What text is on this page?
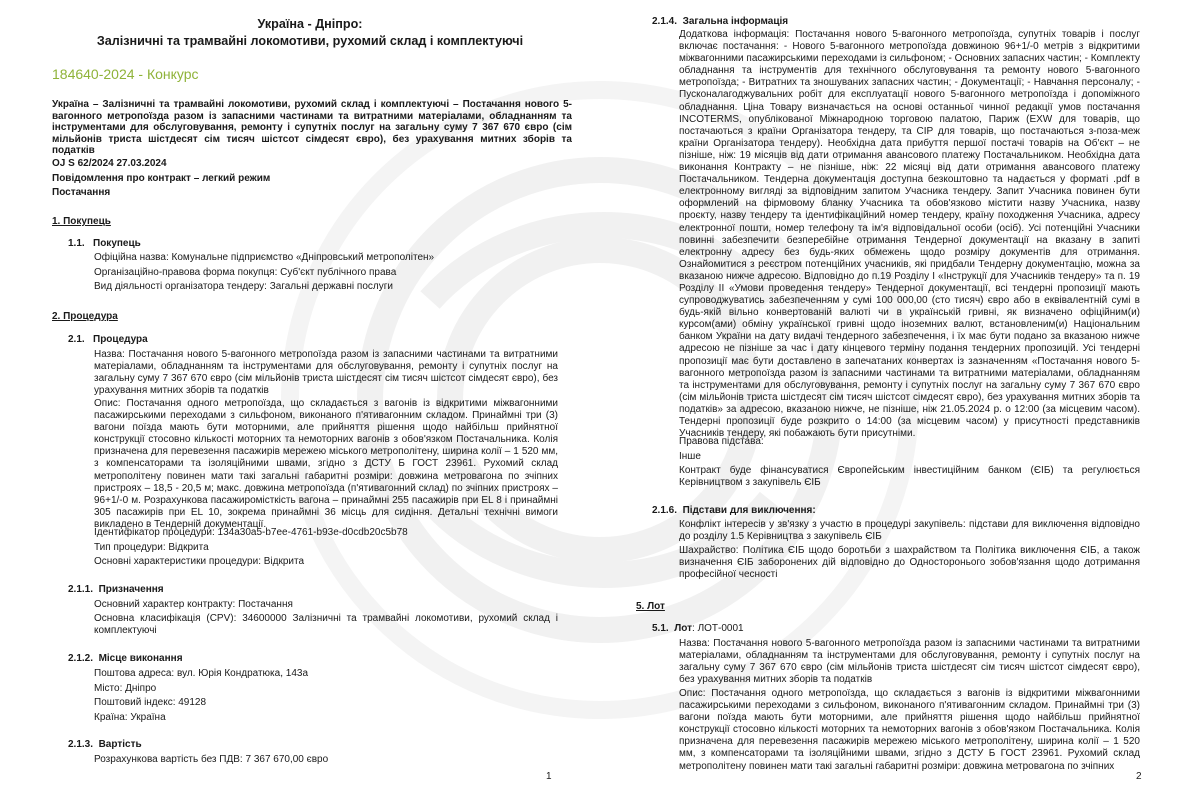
Україна - Дніпро:
Залізничні та трамвайні локомотиви, рухомий склад і комплектуючі
184640-2024 - Конкурс
Україна – Залізничні та трамвайні локомотиви, рухомий склад і комплектуючі – Постачання нового 5-вагонного метропоїзда разом із запасними частинами та витратними матеріалами, обладнанням та інструментами для обслуговування, ремонту і супутніх послуг на загальну суму 7 367 670 євро (сім мільйонів триста шістдесят сім тисяч шістсот сімдесят євро), без урахування митних зборів та податків
OJ S 62/2024 27.03.2024
Повідомлення про контракт – легкий режим
Постачання
1. Покупець
1.1.   Покупець
Офіційна назва: Комунальне підприємство «Дніпровський метрополітен»
Організаційно-правова форма покупця: Суб'єкт публічного права
Вид діяльності організатора тендеру: Загальні державні послуги
2. Процедура
2.1.   Процедура
Назва: Постачання нового 5-вагонного метропоїзда разом із запасними частинами та витратними матеріалами, обладнанням та інструментами для обслуговування, ремонту і супутніх послуг на загальну суму 7 367 670 євро (сім мільйонів триста шістдесят сім тисяч шістсот сімдесят євро), без урахування митних зборів та податків
Опис: Постачання одного метропоїзда, що складається з вагонів із відкритими міжвагонними пасажирськими переходами з сильфоном, виконаного п'ятивагонним складом. Принаймні три (3) вагони поїзда мають бути моторними, але прийняття рішення щодо найбільш прийнятної конструкції стосовно кількості моторних та немоторних вагонів з обов'язком Постачальника. Колія призначена для перевезення пасажирів мережею міського метрополітену, ширина колії – 1 520 мм, з компенсаторами та ізоляційними швами, згідно з ДСТУ Б ГОСТ 23961. Рухомий склад метрополітену повинен мати такі загальні габаритні розміри: довжина метровагона по зчіпних пристроях – 18,5 - 20,5 м; макс. довжина метропоїзда (п'ятивагонний склад) по зчіпних пристроях – 96+1/-0 м. Розрахункова пасажиромісткість вагона – принаймні 255 пасажирів при EL 8 і принаймні 305 пасажирів при EL 10, зокрема принаймні 36 місць для сидіння. Детальні технічні вимоги викладено в Тендерній документації.
Ідентифікатор процедури: 134a30a5-b7ee-4761-b93e-d0cdb20c5b78
Тип процедури: Відкрита
Основні характеристики процедури: Відкрита
2.1.1.  Призначення
Основний характер контракту: Постачання
Основна класифікація (CPV): 34600000 Залізничні та трамвайні локомотиви, рухомий склад і комплектуючі
2.1.2.  Місце виконання
Поштова адреса: вул. Юрія Кондратюка, 143а
Місто: Дніпро
Поштовий індекс: 49128
Країна: Україна
2.1.3.  Вартість
Розрахункова вартість без ПДВ: 7 367 670,00 євро
1
2.1.4.  Загальна інформація
Додаткова інформація: Постачання нового 5-вагонного метропоїзда, супутніх товарів і послуг включає постачання: - Нового 5-вагонного метропоїзда довжиною 96+1/-0 метрів з відкритими міжвагонними пасажирськими переходами із сильфоном; - Основних запасних частин; - Комплекту обладнання та інструментів для технічного обслуговування та ремонту нового 5-вагонного метропоїзда; - Витратних та зношуваних запасних частин; - Документації; - Навчання персоналу; - Пусконалагоджувальних робіт для експлуатації нового 5-вагонного метропоїзда і допоміжного обладнання. Ціна Товару визначається на основі останньої чинної редакції умов постачання INCOTERMS, опублікованої Міжнародною торговою палатою, Париж (EXW для товарів, що постачаються з країни Організатора тендеру, та CIP для товарів, що постачаються з-поза-меж країни Організатора тендеру). Необхідна дата прибуття першої постачі товарів на Об'єкт – не пізніше, ніж: 19 місяців від дати отримання авансового платежу Постачальником. Необхідна дата виконання Контракту – не пізніше, ніж: 22 місяці від дати отримання авансового платежу Постачальником. Тендерна документація доступна безкоштовно та надається у форматі .pdf в електронному вигляді за відповідним запитом Учасника тендеру. Запит Учасника повинен бути оформлений на фірмовому бланку Учасника та обов'язково містити назву Учасника, назву проєкту, назву тендеру та ідентифікаційний номер тендеру, країну походження Учасника, адресу електронної пошти, номер телефону та ім'я відповідальної особи (осіб). Усі потенційні Учасники повинні забезпечити безперебійне отримання Тендерної документації на вказану в запиті електронну адресу без будь-яких обмежень щодо розміру документів для отримання. Ознайомитися з реєстром потенційних учасників, які придбали Тендерну документацію, можна за вказаною нижче адресою. Відповідно до п.19 Розділу І «Інструкції для Учасників тендеру» та п. 19 Розділу ІІ «Умови проведення тендеру» Тендерної документації, всі тендерні пропозиції мають супроводжуватись забезпеченням у сумі 100 000,00 (сто тисяч) євро або в еквівалентній сумі в будь-якій вільно конвертованій валюті чи в українській гривні, як визначено офіційним(и) курсом(ами) обміну української гривні щодо іноземних валют, встановленим(и) Національним банком України на дату видачі тендерного забезпечення, і їх має бути подано за вказаною нижче адресою не пізніше за час і дату кінцевого терміну подання тендерних пропозицій. Усі тендерні пропозиції має бути доставлено в запечатаних конвертах із зазначенням «Постачання нового 5-вагонного метропоїзда разом із запасними частинами та витратними матеріалами, обладнанням та інструментами для обслуговування, ремонту і супутніх послуг на загальну суму 7 367 670 євро (сім мільйонів триста шістдесят сім тисяч шістсот сімдесят євро), без урахування митних зборів та податків» за адресою, вказаною нижче, не пізніше, ніж 21.05.2024 р. о 12:00 (за місцевим часом). Тендерні пропозиції буде розкрито о 14:00 (за місцевим часом) у присутності представників Учасників тендеру, які побажають бути присутніми.
Правова підстава:
Інше
Контракт буде фінансуватися Європейським інвестиційним банком (ЄІБ) та регулюється Керівництвом з закупівель ЄІБ
2.1.6.  Підстави для виключення:
Конфлікт інтересів у зв'язку з участю в процедурі закупівель: підстави для виключення відповідно до розділу 1.5 Керівництва з закупівель ЄІБ
Шахрайство: Політика ЄІБ щодо боротьби з шахрайством та Політика виключення ЄІБ, а також визначення ЄІБ заборонених дій відповідно до Односторонього зобов'язання щодо дотримання професійної чесності
5. Лот
5.1.  Лот: ЛОТ-0001
Назва: Постачання нового 5-вагонного метропоїзда разом із запасними частинами та витратними матеріалами, обладнанням та інструментами для обслуговування, ремонту і супутніх послуг на загальну суму 7 367 670 євро (сім мільйонів триста шістдесят сім тисяч шістсот сімдесят євро), без урахування митних зборів та податків
Опис: Постачання одного метропоїзда, що складається з вагонів із відкритими міжвагонними пасажирськими переходами з сильфоном, виконаного п'ятивагонним складом. Принаймні три (3) вагони поїзда мають бути моторними, але прийняття рішення щодо найбільш прийнятної конструкції стосовно кількості моторних та немоторних вагонів з обов'язком Постачальника. Колія призначена для перевезення пасажирів мережею міського метрополітену, ширина колії – 1 520 мм, з компенсаторами та ізоляційними швами, згідно з ДСТУ Б ГОСТ 23961. Рухомий склад метрополітену повинен мати такі загальні габаритні розміри: довжина метровагона по зчіпних
2
